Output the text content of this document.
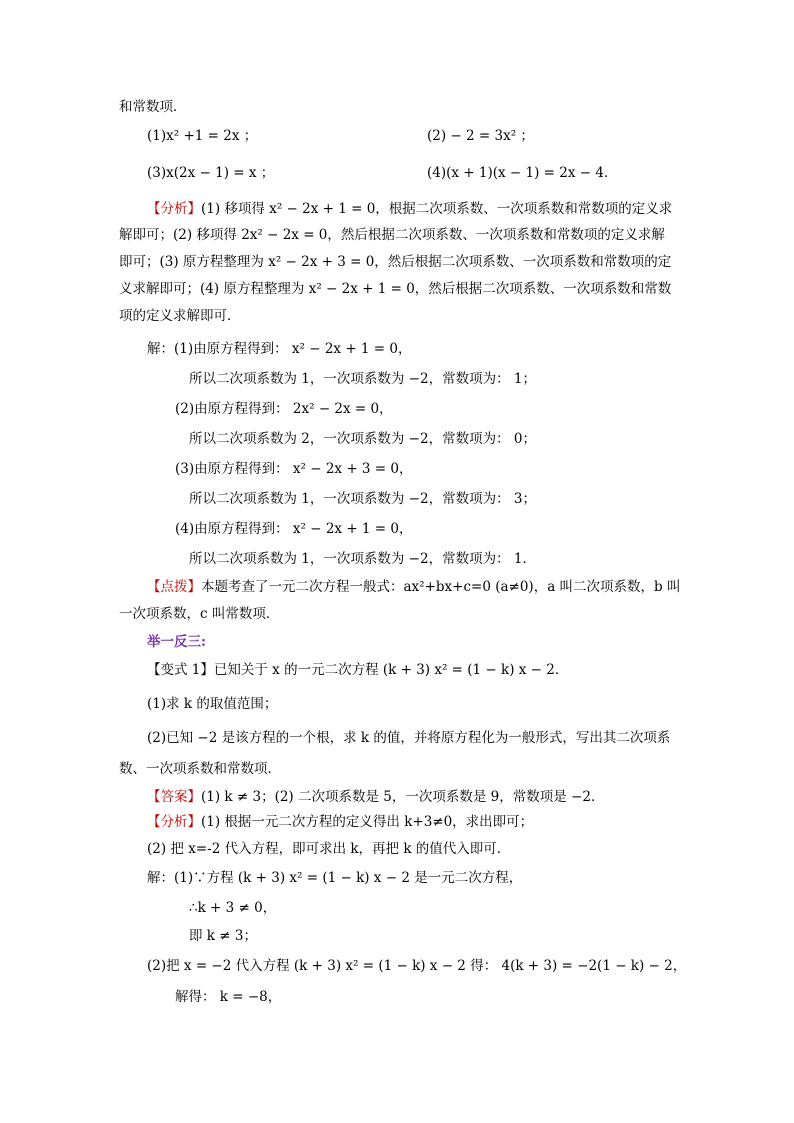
和常数项．
(1)x² +1 = 2x ；	(2) − 2 = 3x² ；
(3)x(2x − 1) = x ；	(4)(x + 1)(x − 1) = 2x − 4．
【分析】(1) 移项得 x² − 2x + 1 = 0，根据二次项系数、一次项系数和常数项的定义求
解即可；(2) 移项得 2x² − 2x = 0，然后根据二次项系数、一次项系数和常数项的定义求解
即可；(3) 原方程整理为 x² − 2x + 3 = 0，然后根据二次项系数、一次项系数和常数项的定
义求解即可；(4) 原方程整理为 x² − 2x + 1 = 0，然后根据二次项系数、一次项系数和常数
项的定义求解即可．
解：(1)由原方程得到： x² − 2x + 1 = 0，
所以二次项系数为 1，一次项系数为 −2，常数项为： 1；
(2)由原方程得到： 2x² − 2x = 0，
所以二次项系数为 2，一次项系数为 −2，常数项为： 0；
(3)由原方程得到： x² − 2x + 3 = 0，
所以二次项系数为 1，一次项系数为 −2，常数项为： 3；
(4)由原方程得到： x² − 2x + 1 = 0，
所以二次项系数为 1，一次项系数为 −2，常数项为： 1．
【点拨】本题考查了一元二次方程一般式：ax²+bx+c=0 (a≠0)，a 叫二次项系数，b 叫
一次项系数，c 叫常数项．
举一反三:
【变式 1】已知关于 x 的一元二次方程 (k + 3) x² = (1 − k) x − 2．
(1)求 k 的取值范围；
(2)已知 −2 是该方程的一个根，求 k 的值，并将原方程化为一般形式，写出其二次项系
数、一次项系数和常数项．
【答案】(1) k ≠ 3；(2) 二次项系数是 5，一次项系数是 9，常数项是 −2．
【分析】(1) 根据一元二次方程的定义得出 k+3≠0，求出即可；
(2) 把 x=-2 代入方程，即可求出 k，再把 k 的值代入即可．
解：(1)∵方程 (k + 3) x² = (1 − k) x − 2 是一元二次方程，
∴k + 3 ≠ 0，
即 k ≠ 3；
(2)把 x = −2 代入方程 (k + 3) x² = (1 − k) x − 2 得： 4(k + 3) = −2(1 − k) − 2，
解得： k = −8，
